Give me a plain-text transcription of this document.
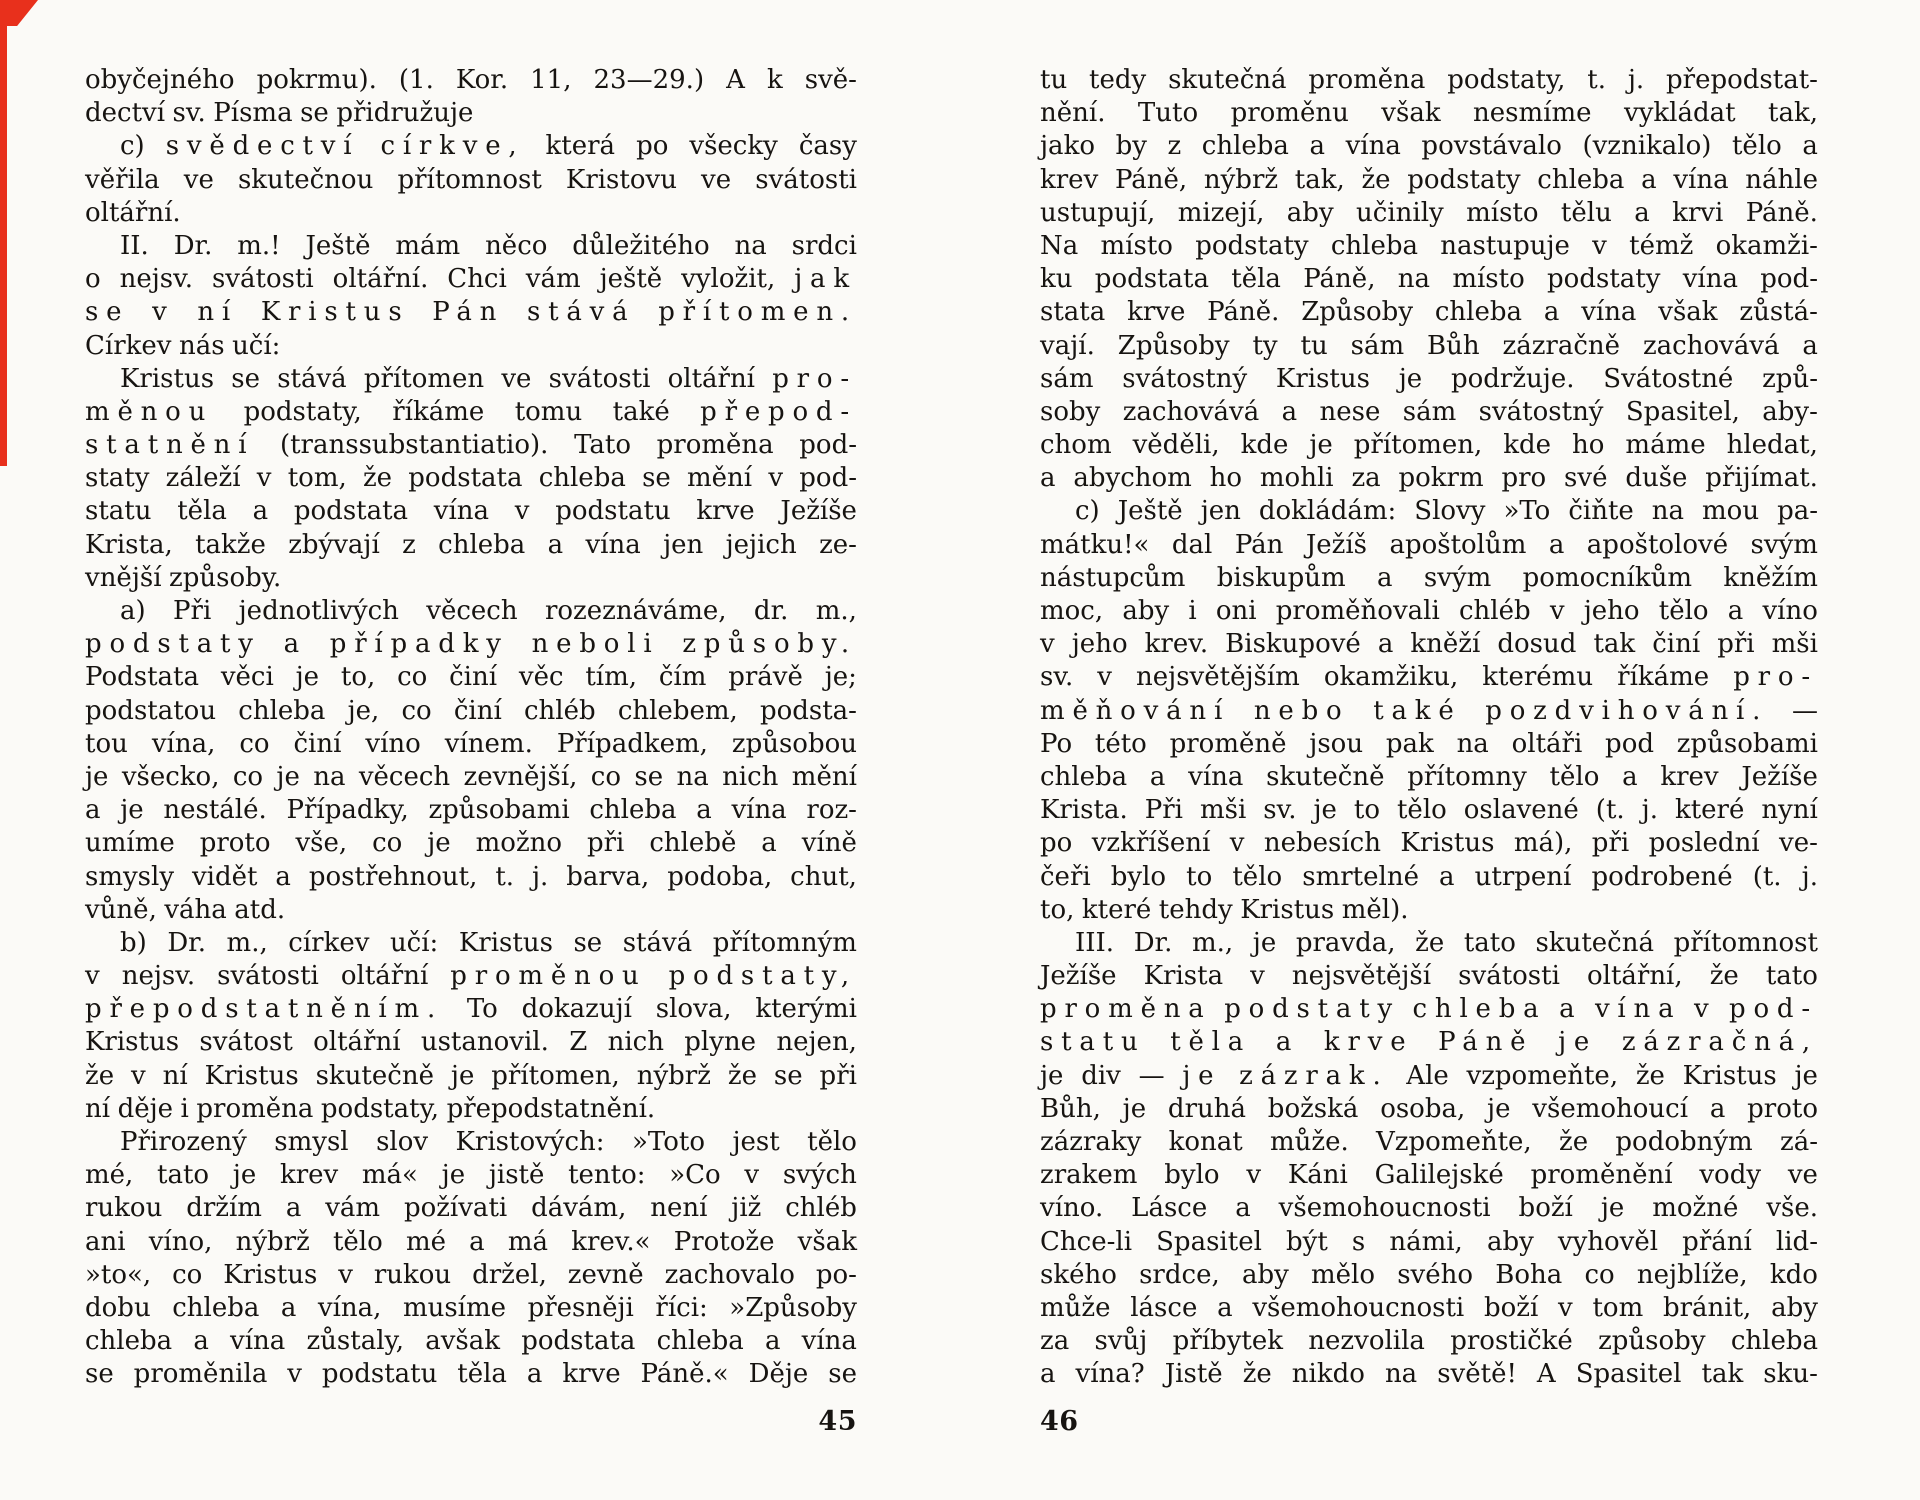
obyčejného pokrmu). (1. Kor. 11, 23—29.) A k svě-
dectví sv. Písma se přidružuje
c) svědectví církve, která po všecky časy
věřila ve skutečnou přítomnost Kristovu ve svátosti
oltářní.
II. Dr. m.! Ještě mám něco důležitého na srdci
o nejsv. svátosti oltářní. Chci vám ještě vyložit, jak
se v ní Kristus Pán stává přítomen.
Církev nás učí:
Kristus se stává přítomen ve svátosti oltářní pro-
měnou podstaty, říkáme tomu také přepod-
statnění (transsubstantiatio). Tato proměna pod-
staty záleží v tom, že podstata chleba se mění v pod-
statu těla a podstata vína v podstatu krve Ježíše
Krista, takže zbývají z chleba a vína jen jejich ze-
vnější způsoby.
a) Při jednotlivých věcech rozeznáváme, dr. m.,
podstaty a případky neboli způsoby.
Podstata věci je to, co činí věc tím, čím právě je;
podstatou chleba je, co činí chléb chlebem, podsta-
tou vína, co činí víno vínem. Případkem, způsobou
je všecko, co je na věcech zevnější, co se na nich mění
a je nestálé. Případky, způsobami chleba a vína roz-
umíme proto vše, co je možno při chlebě a víně
smysly vidět a postřehnout, t. j. barva, podoba, chut,
vůně, váha atd.
b) Dr. m., církev učí: Kristus se stává přítomným
v nejsv. svátosti oltářní proměnou podstaty,
přepodstatněním. To dokazují slova, kterými
Kristus svátost oltářní ustanovil. Z nich plyne nejen,
že v ní Kristus skutečně je přítomen, nýbrž že se při
ní děje i proměna podstaty, přepodstatnění.
Přirozený smysl slov Kristových: »Toto jest tělo
mé, tato je krev má« je jistě tento: »Co v svých
rukou držím a vám požívati dávám, není již chléb
ani víno, nýbrž tělo mé a má krev.« Protože však
»to«, co Kristus v rukou držel, zevně zachovalo po-
dobu chleba a vína, musíme přesněji říci: »Způsoby
chleba a vína zůstaly, avšak podstata chleba a vína
se proměnila v podstatu těla a krve Páně.« Děje se
45
tu tedy skutečná proměna podstaty, t. j. přepodstat-
nění. Tuto proměnu však nesmíme vykládat tak,
jako by z chleba a vína povstávalo (vznikalo) tělo a
krev Páně, nýbrž tak, že podstaty chleba a vína náhle
ustupují, mizejí, aby učinily místo tělu a krvi Páně.
Na místo podstaty chleba nastupuje v témž okamži-
ku podstata těla Páně, na místo podstaty vína pod-
stata krve Páně. Způsoby chleba a vína však zůstá-
vají. Způsoby ty tu sám Bůh zázračně zachovává a
sám svátostný Kristus je podržuje. Svátostné způ-
soby zachovává a nese sám svátostný Spasitel, aby-
chom věděli, kde je přítomen, kde ho máme hledat,
a abychom ho mohli za pokrm pro své duše přijímat.
c) Ještě jen dokládám: Slovy »To čiňte na mou pa-
mátku!« dal Pán Ježíš apoštolům a apoštolové svým
nástupcům biskupům a svým pomocníkům kněžím
moc, aby i oni proměňovali chléb v jeho tělo a víno
v jeho krev. Biskupové a kněží dosud tak činí při mši
sv. v nejsvětějším okamžiku, kterému říkáme pro-
měňování nebo také pozdvihování. —
Po této proměně jsou pak na oltáři pod způsobami
chleba a vína skutečně přítomny tělo a krev Ježíše
Krista. Při mši sv. je to tělo oslavené (t. j. které nyní
po vzkříšení v nebesích Kristus má), při poslední ve-
čeři bylo to tělo smrtelné a utrpení podrobené (t. j.
to, které tehdy Kristus měl).
III. Dr. m., je pravda, že tato skutečná přítomnost
Ježíše Krista v nejsvětější svátosti oltářní, že tato
proměna podstaty chleba a vína v pod-
statu těla a krve Páně je zázračná,
je div — je zázrak. Ale vzpomeňte, že Kristus je
Bůh, je druhá božská osoba, je všemohoucí a proto
zázraky konat může. Vzpomeňte, že podobným zá-
zrakem bylo v Káni Galilejské proměnění vody ve
víno. Lásce a všemohoucnosti boží je možné vše.
Chce-li Spasitel být s námi, aby vyhověl přání lid-
ského srdce, aby mělo svého Boha co nejblíže, kdo
může lásce a všemohoucnosti boží v tom bránit, aby
za svůj příbytek nezvolila prostičké způsoby chleba
a vína? Jistě že nikdo na světě! A Spasitel tak sku-
46
